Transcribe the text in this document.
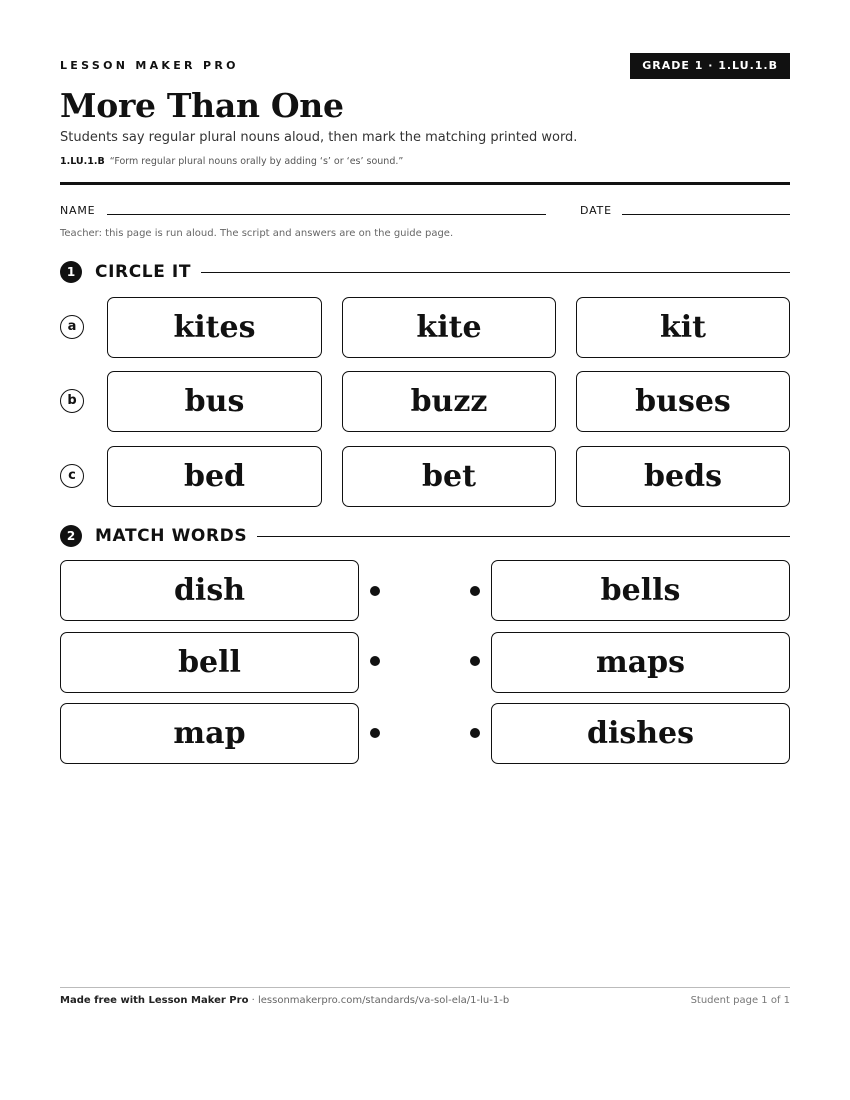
LESSON MAKER PRO	GRADE 1 · 1.LU.1.B
More Than One
Students say regular plural nouns aloud, then mark the matching printed word.
1.LU.1.B “Form regular plural nouns orally by adding ‘s’ or ‘es’ sound.”
NAME	DATE
Teacher: this page is run aloud. The script and answers are on the guide page.
1	CIRCLE IT
a	kites	kite	kit
b	bus	buzz	buses
c	bed	bet	beds
2	MATCH WORDS
dish	bells
bell	maps
map	dishes
Made free with Lesson Maker Pro · lessonmakerpro.com/standards/va-sol-ela/1-lu-1-b	Student page 1 of 1
